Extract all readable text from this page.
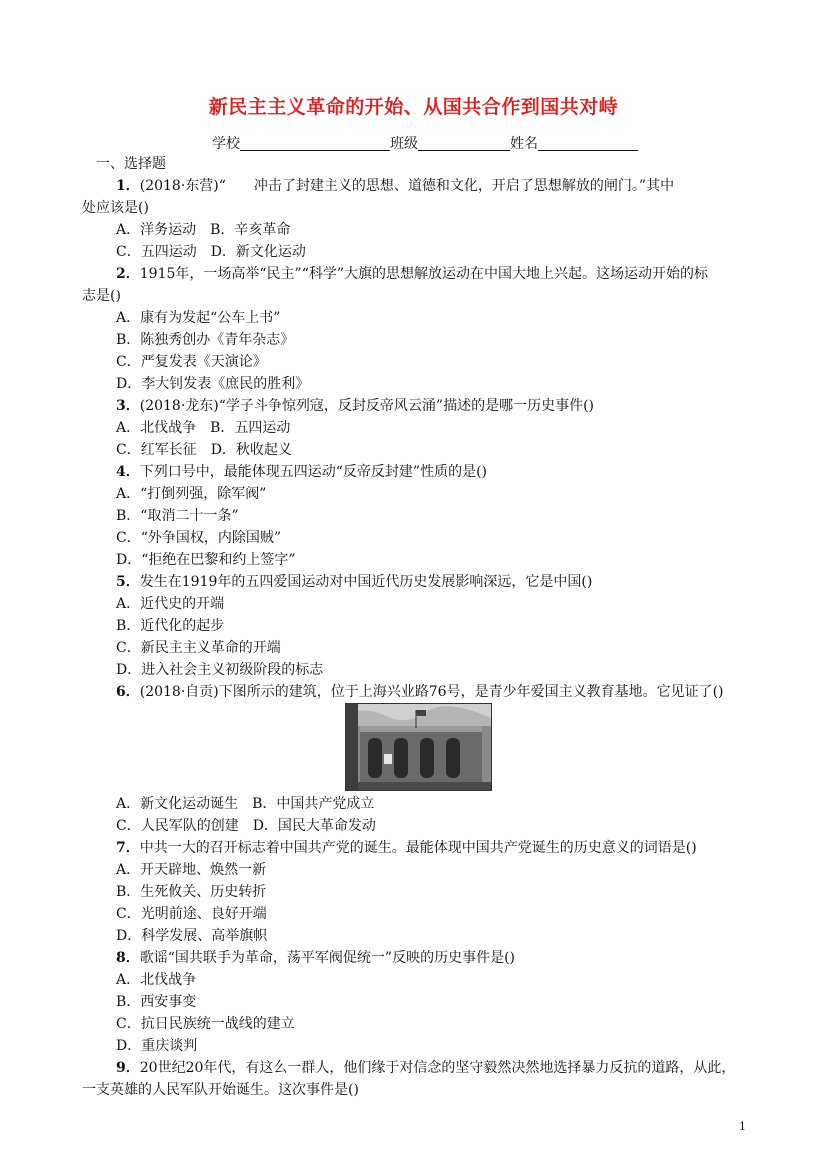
新民主主义革命的开始、从国共合作到国共对峙
学校	班级	姓名
一、选择题
1．(2018·东营)“　　冲击了封建主义的思想、道德和文化，开启了思想解放的闸门。”其中
处应该是()
A．洋务运动　B．辛亥革命
C．五四运动　D．新文化运动
2．1915年，一场高举“民主”“科学”大旗的思想解放运动在中国大地上兴起。这场运动开始的标
志是()
A．康有为发起“公车上书”
B．陈独秀创办《青年杂志》
C．严复发表《天演论》
D．李大钊发表《庶民的胜利》
3．(2018·龙东)“学子斗争惊列寇，反封反帝风云涌”描述的是哪一历史事件()
A．北伐战争　B．五四运动
C．红军长征　D．秋收起义
4．下列口号中，最能体现五四运动“反帝反封建”性质的是()
A．“打倒列强，除军阀”
B．“取消二十一条”
C．“外争国权，内除国贼”
D．“拒绝在巴黎和约上签字”
5．发生在1919年的五四爱国运动对中国近代历史发展影响深远，它是中国()
A．近代史的开端
B．近代化的起步
C．新民主主义革命的开端
D．进入社会主义初级阶段的标志
6．(2018·自贡)下图所示的建筑，位于上海兴业路76号，是青少年爱国主义教育基地。它见证了()
A．新文化运动诞生　B．中国共产党成立
C．人民军队的创建　D．国民大革命发动
7．中共一大的召开标志着中国共产党的诞生。最能体现中国共产党诞生的历史意义的词语是()
A．开天辟地、焕然一新
B．生死攸关、历史转折
C．光明前途、良好开端
D．科学发展、高举旗帜
8．歌谣“国共联手为革命，荡平军阀促统一”反映的历史事件是()
A．北伐战争
B．西安事变
C．抗日民族统一战线的建立
D．重庆谈判
9．20世纪20年代，有这么一群人，他们缘于对信念的坚守毅然决然地选择暴力反抗的道路，从此，
一支英雄的人民军队开始诞生。这次事件是()
1
